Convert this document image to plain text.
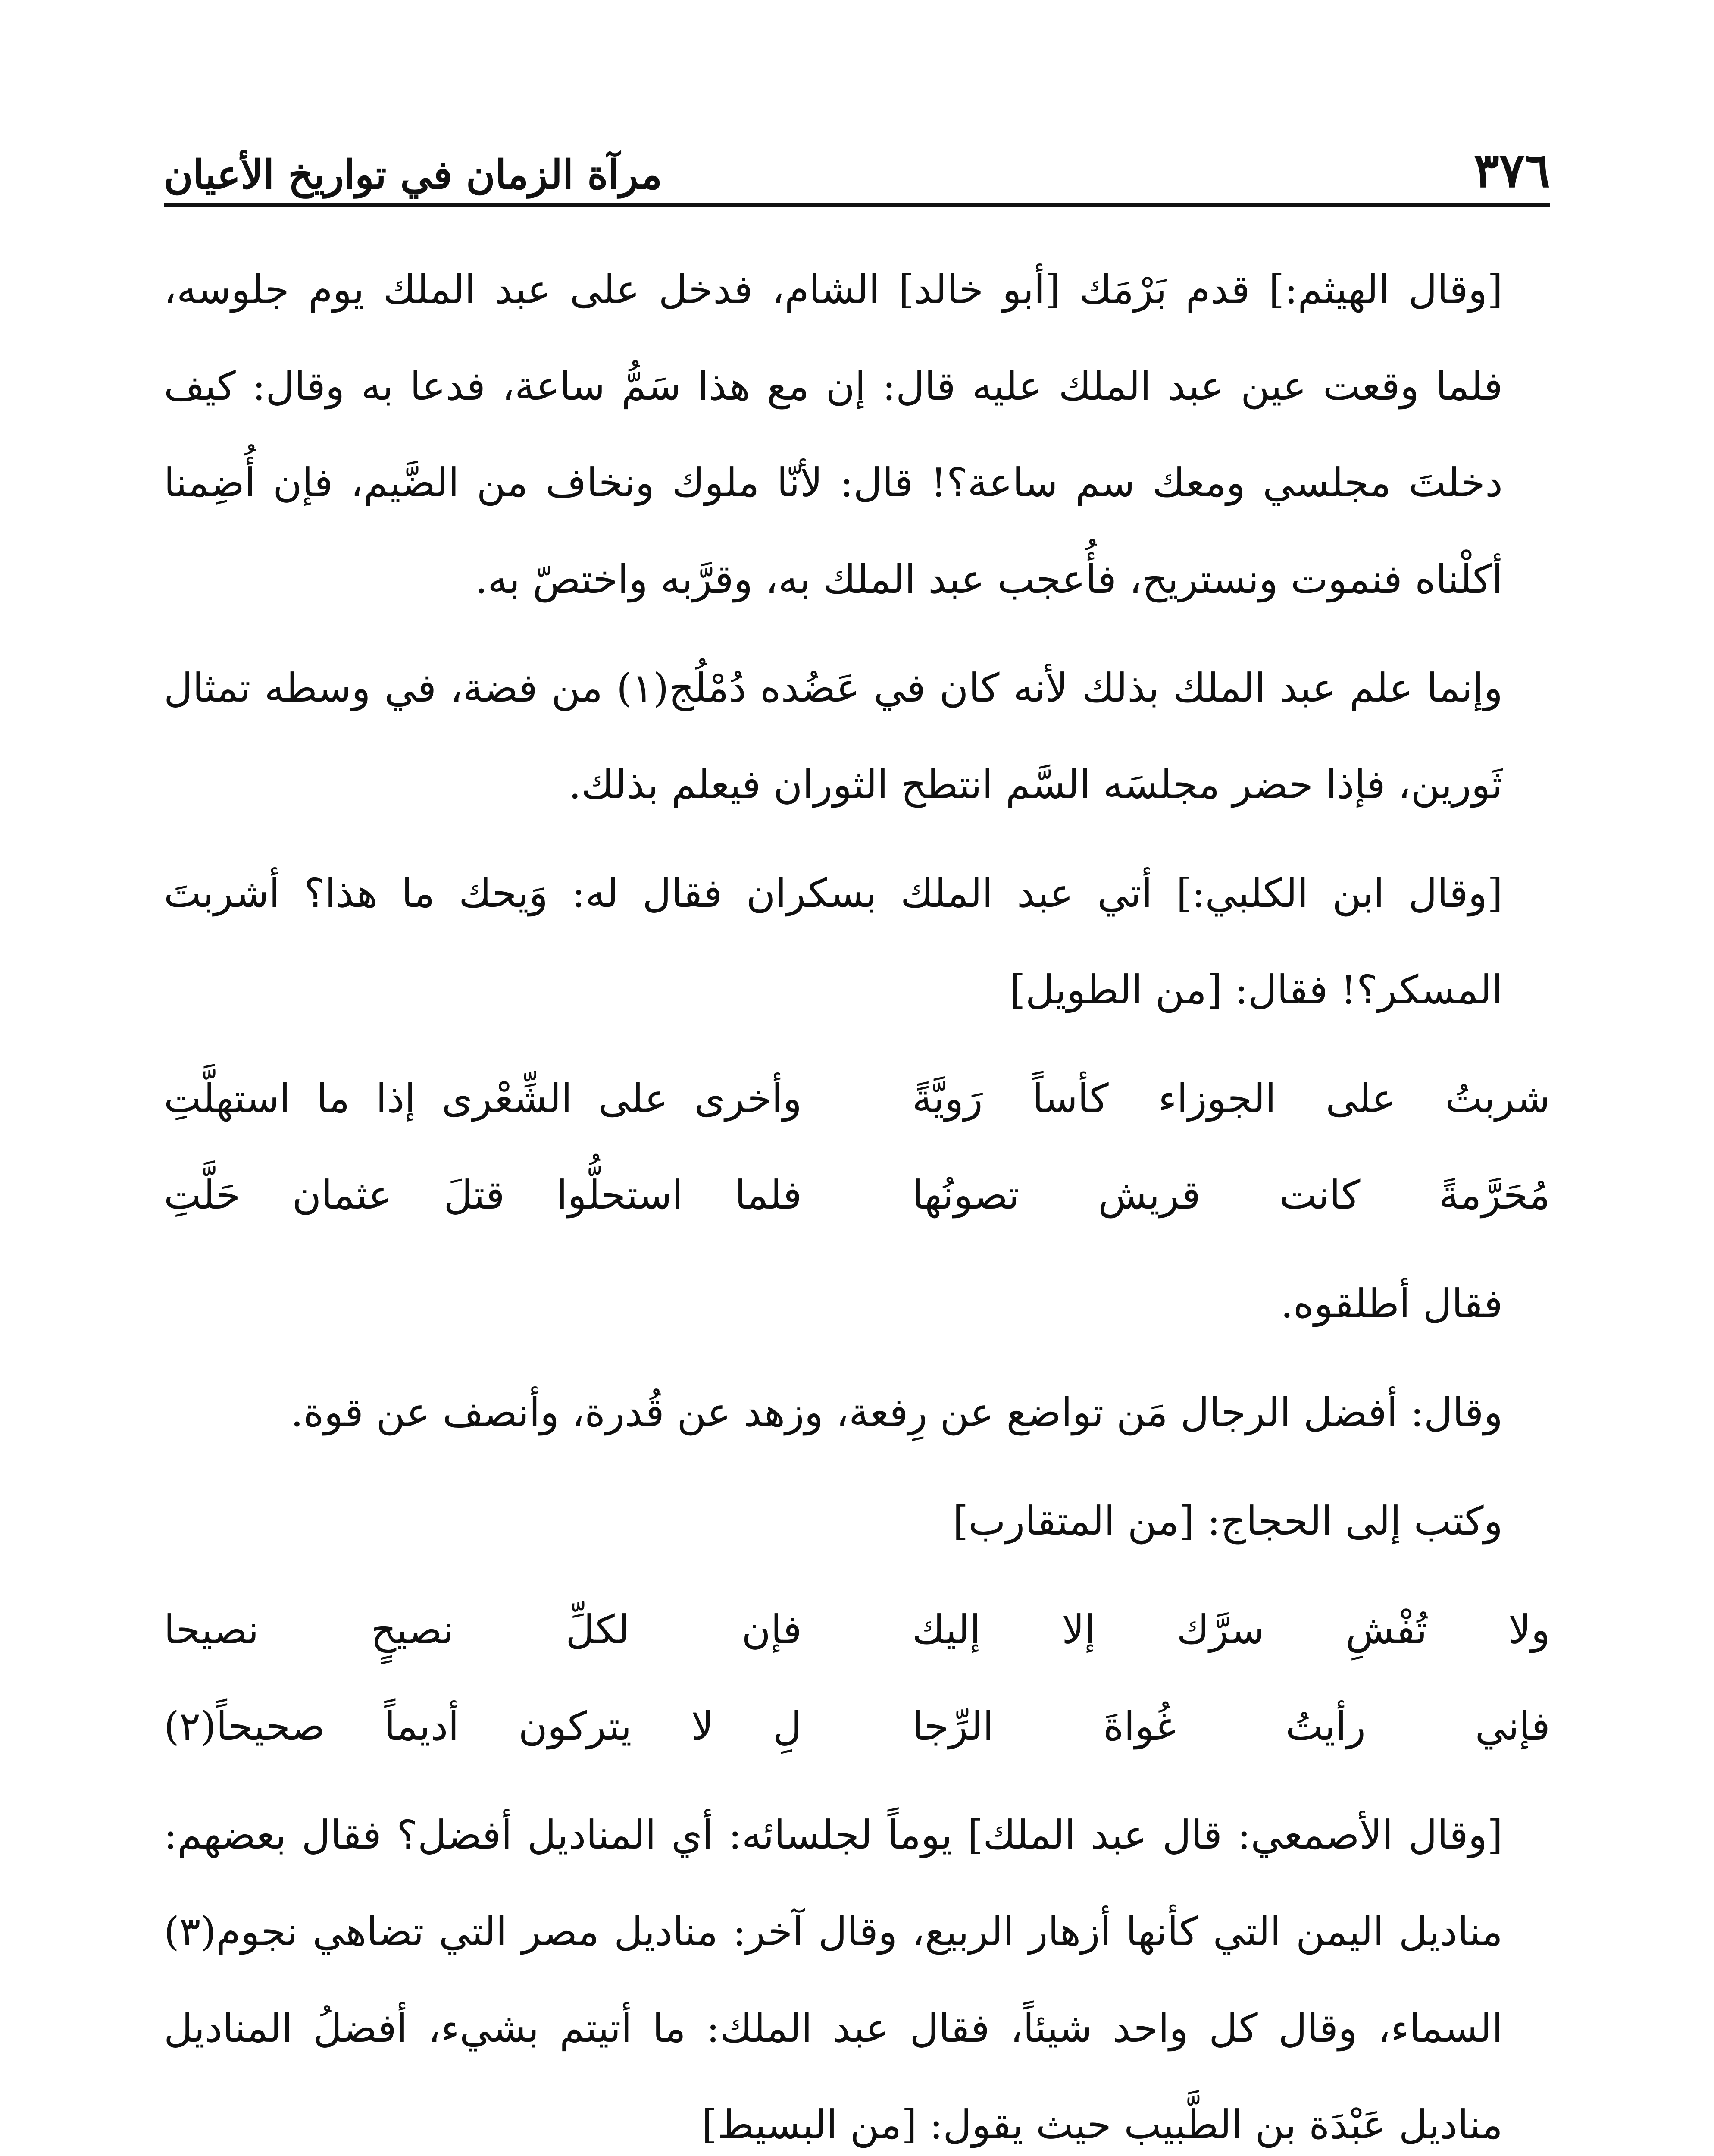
٣٧٦
مرآة الزمان في تواريخ الأعيان

[وقال الهيثم:] قدم بَرْمَك [أبو خالد] الشام، فدخل على عبد الملك يوم جلوسه، فلما وقعت عين عبد الملك عليه قال: إن مع هذا سَمُّ ساعة، فدعا به وقال: كيف دخلتَ مجلسي ومعك سم ساعة؟! قال: لأنّا ملوك ونخاف من الضَّيم، فإن أُضِمنا أكلْناه فنموت ونستريح، فأُعجب عبد الملك به، وقرَّبه واختصّ به.

وإنما علم عبد الملك بذلك لأنه كان في عَضُده دُمْلُج(١) من فضة، في وسطه تمثال ثَورين، فإذا حضر مجلسَه السَّم انتطح الثوران فيعلم بذلك.

[وقال ابن الكلبي:] أتي عبد الملك بسكران فقال له: وَيحك ما هذا؟ أشربتَ المسكر؟! فقال: [من الطويل]

شربتُ على الجوزاء كأساً رَويَّةً
وأخرى على الشِّعْرى إذا ما استهلَّتِ
مُحَرَّمةً كانت قريش تصونُها
فلما استحلُّوا قتلَ عثمان حَلَّتِ

فقال أطلقوه.

وقال: أفضل الرجال مَن تواضع عن رِفعة، وزهد عن قُدرة، وأنصف عن قوة.

وكتب إلى الحجاج: [من المتقارب]

ولا تُفْشِ سرَّك إلا إليك
فإن لكلِّ نصيحٍ نصيحا
فإني رأيتُ غُواةَ الرِّجا
لِ لا يتركون أديماً صحيحاً(٢)

[وقال الأصمعي: قال عبد الملك] يوماً لجلسائه: أي المناديل أفضل؟ فقال بعضهم: مناديل اليمن التي كأنها أزهار الربيع، وقال آخر: مناديل مصر التي تضاهي نجوم(٣) السماء، وقال كل واحد شيئاً، فقال عبد الملك: ما أتيتم بشيء، أفضلُ المناديل مناديل عَبْدَة بن الطَّبيب حيث يقول: [من البسيط]
